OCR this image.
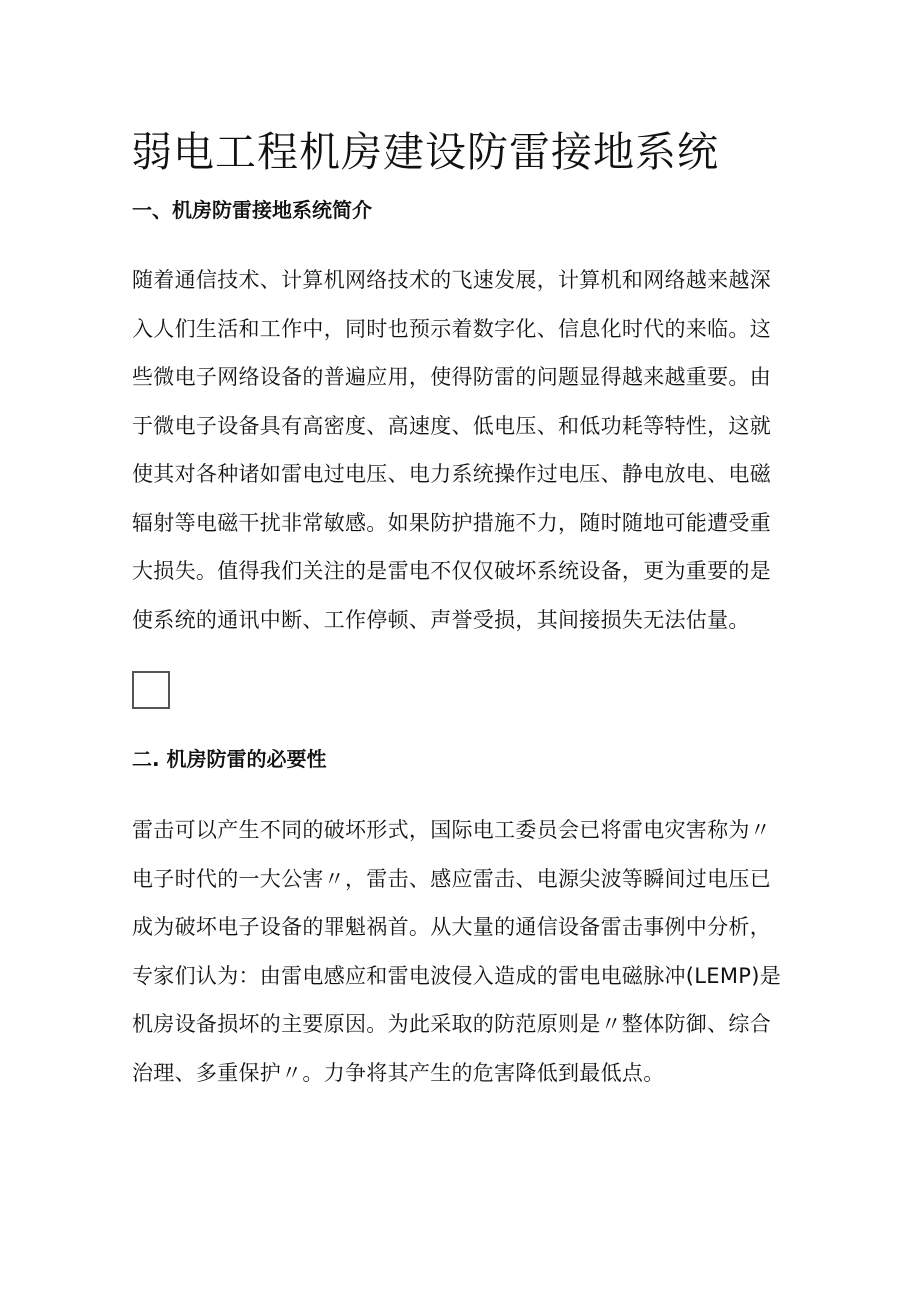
弱电工程机房建设防雷接地系统
一、机房防雷接地系统简介

随着通信技术、计算机网络技术的飞速发展，计算机和网络越来越深
入人们生活和工作中，同时也预示着数字化、信息化时代的来临。这
些微电子网络设备的普遍应用，使得防雷的问题显得越来越重要。由
于微电子设备具有高密度、高速度、低电压、和低功耗等特性，这就
使其对各种诸如雷电过电压、电力系统操作过电压、静电放电、电磁
辐射等电磁干扰非常敏感。如果防护措施不力，随时随地可能遭受重
大损失。值得我们关注的是雷电不仅仅破坏系统设备，更为重要的是
使系统的通讯中断、工作停顿、声誉受损，其间接损失无法估量。

二. 机房防雷的必要性

雷击可以产生不同的破坏形式，国际电工委员会已将雷电灾害称为〃
电子时代的一大公害〃，雷击、感应雷击、电源尖波等瞬间过电压已
成为破坏电子设备的罪魁祸首。从大量的通信设备雷击事例中分析，
专家们认为：由雷电感应和雷电波侵入造成的雷电电磁脉冲(LEMP)是
机房设备损坏的主要原因。为此采取的防范原则是〃整体防御、综合
治理、多重保护〃。力争将其产生的危害降低到最低点。
